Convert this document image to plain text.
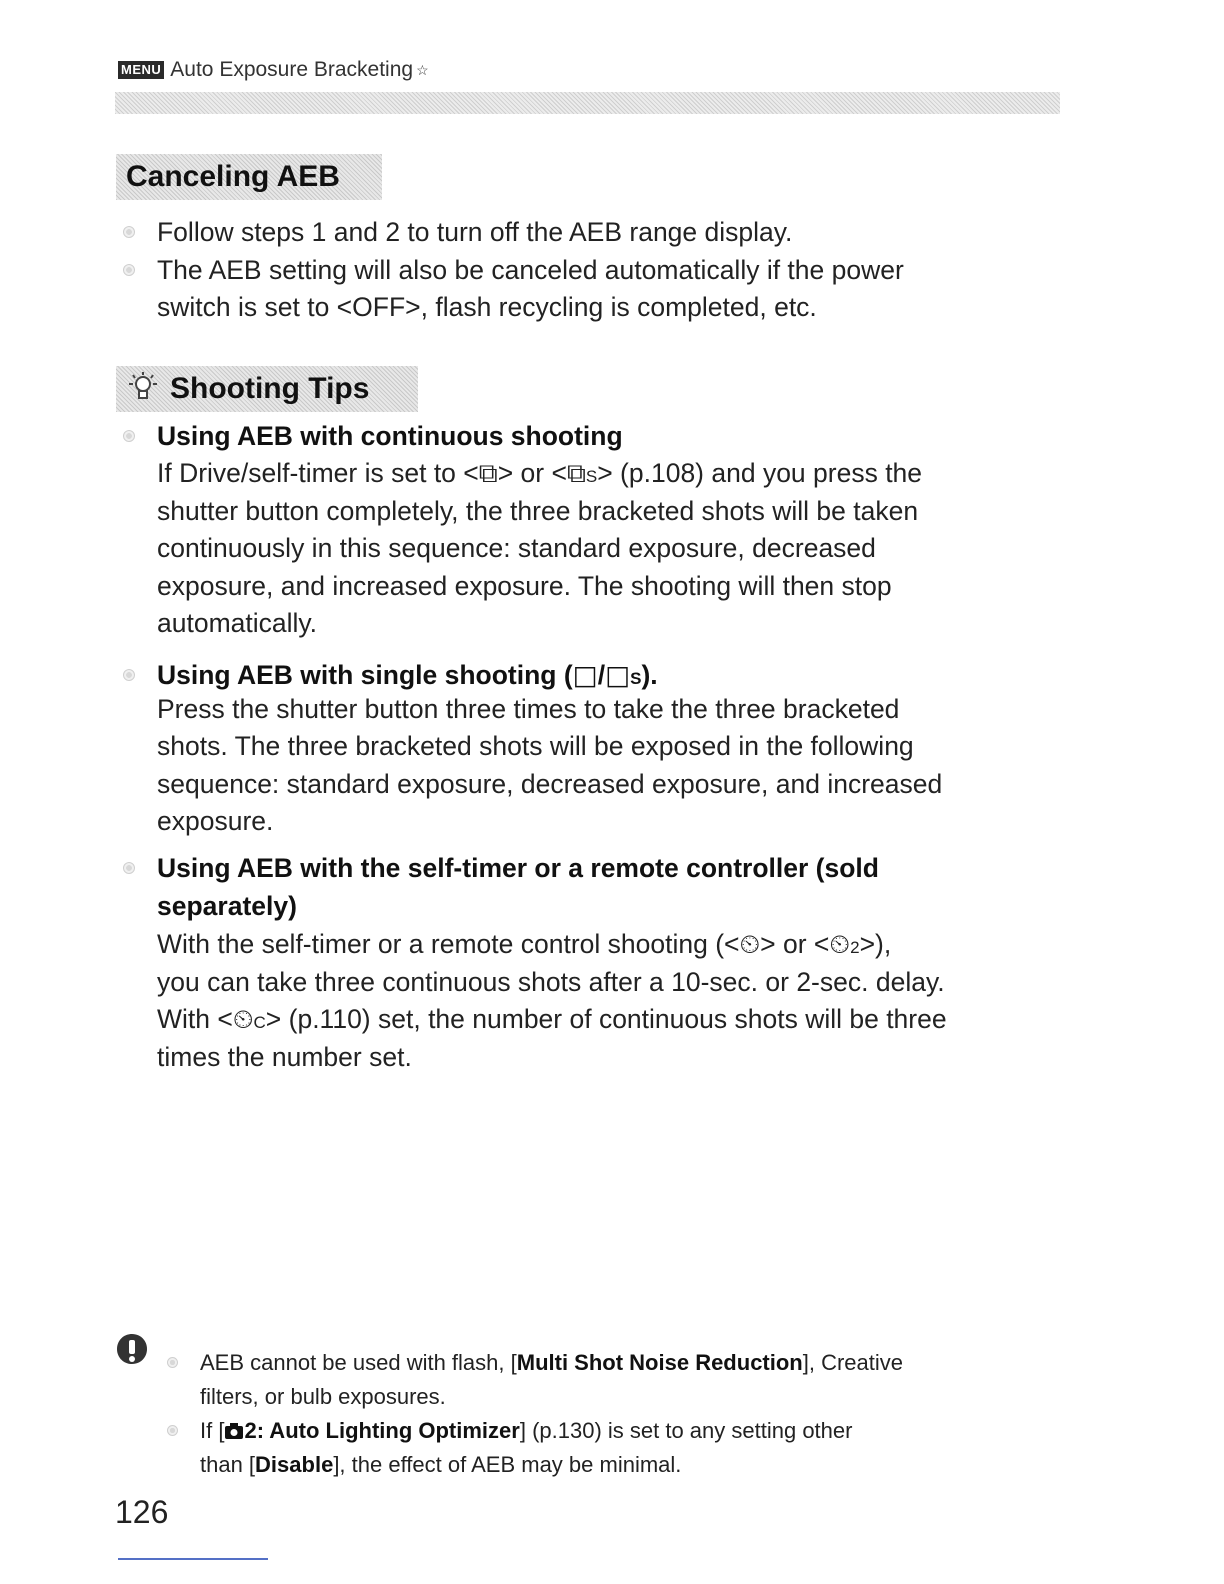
MENU Auto Exposure Bracketing ☆
Canceling AEB
Follow steps 1 and 2 to turn off the AEB range display.
The AEB setting will also be canceled automatically if the power
switch is set to <OFF>, flash recycling is completed, etc.
Shooting Tips
Using AEB with continuous shooting
If Drive/self-timer is set to <⧉> or <⧉S> (p.108) and you press the
shutter button completely, the three bracketed shots will be taken
continuously in this sequence: standard exposure, decreased
exposure, and increased exposure. The shooting will then stop
automatically.
Using AEB with single shooting (□/□S).
Press the shutter button three times to take the three bracketed
shots. The three bracketed shots will be exposed in the following
sequence: standard exposure, decreased exposure, and increased
exposure.
Using AEB with the self-timer or a remote controller (sold
separately)
With the self-timer or a remote control shooting (<⏲> or <⏲2>),
you can take three continuous shots after a 10-sec. or 2-sec. delay.
With <⏲C> (p.110) set, the number of continuous shots will be three
times the number set.
AEB cannot be used with flash, [Multi Shot Noise Reduction], Creative
filters, or bulb exposures.
If [ 2: Auto Lighting Optimizer] (p.130) is set to any setting other
than [Disable], the effect of AEB may be minimal.
126
